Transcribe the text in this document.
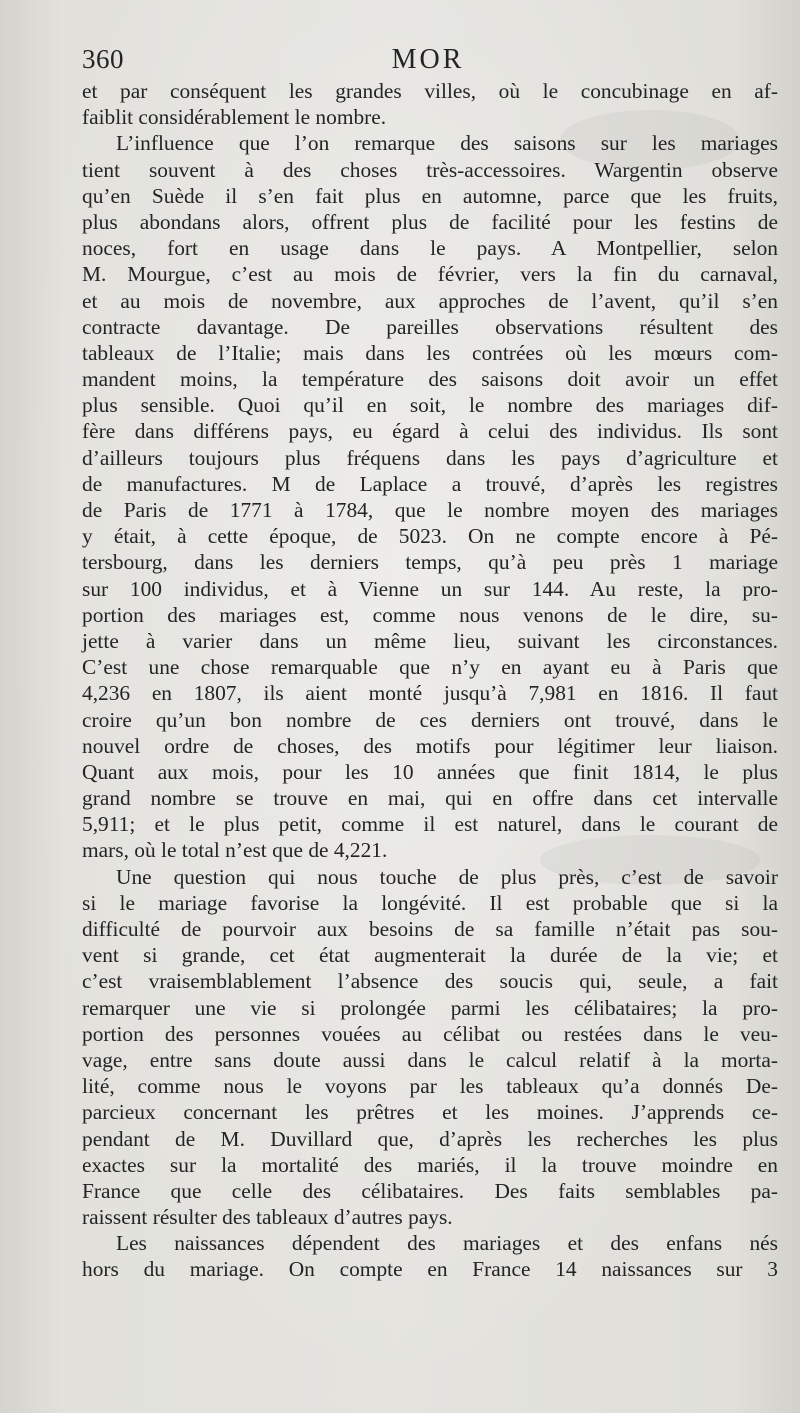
360	MOR
et par conséquent les grandes villes, où le concubinage en af-
faiblit considérablement le nombre.
L’influence que l’on remarque des saisons sur les mariages
tient souvent à des choses très-accessoires. Wargentin observe
qu’en Suède il s’en fait plus en automne, parce que les fruits,
plus abondans alors, offrent plus de facilité pour les festins de
noces, fort en usage dans le pays. A Montpellier, selon
M. Mourgue, c’est au mois de février, vers la fin du carnaval,
et au mois de novembre, aux approches de l’avent, qu’il s’en
contracte davantage. De pareilles observations résultent des
tableaux de l’Italie; mais dans les contrées où les mœurs com-
mandent moins, la température des saisons doit avoir un effet
plus sensible. Quoi qu’il en soit, le nombre des mariages dif-
fère dans différens pays, eu égard à celui des individus. Ils sont
d’ailleurs toujours plus fréquens dans les pays d’agriculture et
de manufactures. M de Laplace a trouvé, d’après les registres
de Paris de 1771 à 1784, que le nombre moyen des mariages
y était, à cette époque, de 5023. On ne compte encore à Pé-
tersbourg, dans les derniers temps, qu’à peu près 1 mariage
sur 100 individus, et à Vienne un sur 144. Au reste, la pro-
portion des mariages est, comme nous venons de le dire, su-
jette à varier dans un même lieu, suivant les circonstances.
C’est une chose remarquable que n’y en ayant eu à Paris que
4,236 en 1807, ils aient monté jusqu’à 7,981 en 1816. Il faut
croire qu’un bon nombre de ces derniers ont trouvé, dans le
nouvel ordre de choses, des motifs pour légitimer leur liaison.
Quant aux mois, pour les 10 années que finit 1814, le plus
grand nombre se trouve en mai, qui en offre dans cet intervalle
5,911; et le plus petit, comme il est naturel, dans le courant de
mars, où le total n’est que de 4,221.
Une question qui nous touche de plus près, c’est de savoir
si le mariage favorise la longévité. Il est probable que si la
difficulté de pourvoir aux besoins de sa famille n’était pas sou-
vent si grande, cet état augmenterait la durée de la vie; et
c’est vraisemblablement l’absence des soucis qui, seule, a fait
remarquer une vie si prolongée parmi les célibataires; la pro-
portion des personnes vouées au célibat ou restées dans le veu-
vage, entre sans doute aussi dans le calcul relatif à la morta-
lité, comme nous le voyons par les tableaux qu’a donnés De-
parcieux concernant les prêtres et les moines. J’apprends ce-
pendant de M. Duvillard que, d’après les recherches les plus
exactes sur la mortalité des mariés, il la trouve moindre en
France que celle des célibataires. Des faits semblables pa-
raissent résulter des tableaux d’autres pays.
Les naissances dépendent des mariages et des enfans nés
hors du mariage. On compte en France 14 naissances sur 3
